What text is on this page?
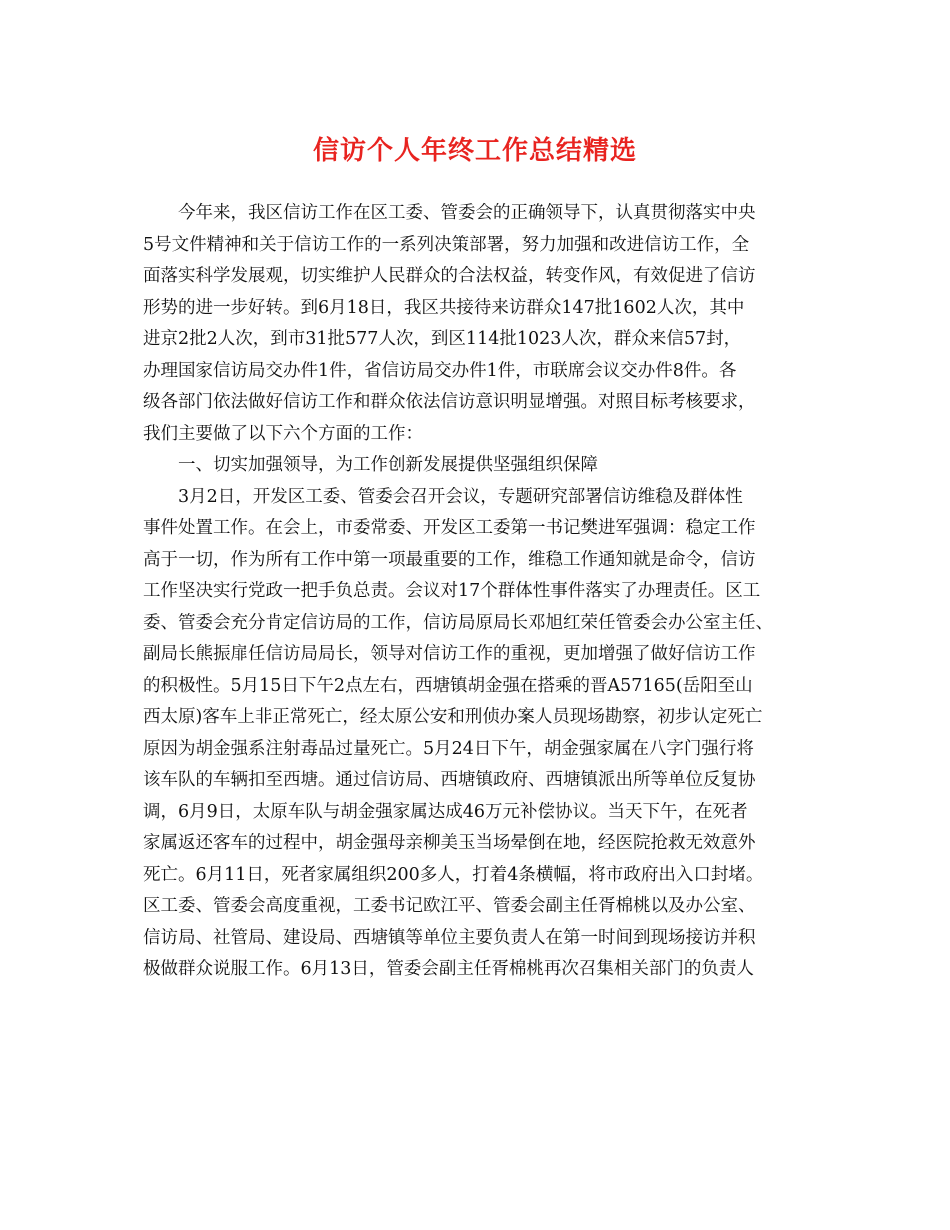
信访个人年终工作总结精选
今年来，我区信访工作在区工委、管委会的正确领导下，认真贯彻落实中央
5号文件精神和关于信访工作的一系列决策部署，努力加强和改进信访工作，全
面落实科学发展观，切实维护人民群众的合法权益，转变作风，有效促进了信访
形势的进一步好转。到6月18日，我区共接待来访群众147批1602人次，其中
进京2批2人次，到市31批577人次，到区114批1023人次，群众来信57封，
办理国家信访局交办件1件，省信访局交办件1件，市联席会议交办件8件。各
级各部门依法做好信访工作和群众依法信访意识明显增强。对照目标考核要求，
我们主要做了以下六个方面的工作：
一、切实加强领导，为工作创新发展提供坚强组织保障
3月2日，开发区工委、管委会召开会议，专题研究部署信访维稳及群体性
事件处置工作。在会上，市委常委、开发区工委第一书记樊进军强调：稳定工作
高于一切，作为所有工作中第一项最重要的工作，维稳工作通知就是命令，信访
工作坚决实行党政一把手负总责。会议对17个群体性事件落实了办理责任。区工
委、管委会充分肯定信访局的工作，信访局原局长邓旭红荣任管委会办公室主任、
副局长熊振扉任信访局局长，领导对信访工作的重视，更加增强了做好信访工作
的积极性。5月15日下午2点左右，西塘镇胡金强在搭乘的晋A57165(岳阳至山
西太原)客车上非正常死亡，经太原公安和刑侦办案人员现场勘察，初步认定死亡
原因为胡金强系注射毒品过量死亡。5月24日下午，胡金强家属在八字门强行将
该车队的车辆扣至西塘。通过信访局、西塘镇政府、西塘镇派出所等单位反复协
调，6月9日，太原车队与胡金强家属达成46万元补偿协议。当天下午，在死者
家属返还客车的过程中，胡金强母亲柳美玉当场晕倒在地，经医院抢救无效意外
死亡。6月11日，死者家属组织200多人，打着4条横幅，将市政府出入口封堵。
区工委、管委会高度重视，工委书记欧江平、管委会副主任胥棉桃以及办公室、
信访局、社管局、建设局、西塘镇等单位主要负责人在第一时间到现场接访并积
极做群众说服工作。6月13日，管委会副主任胥棉桃再次召集相关部门的负责人
